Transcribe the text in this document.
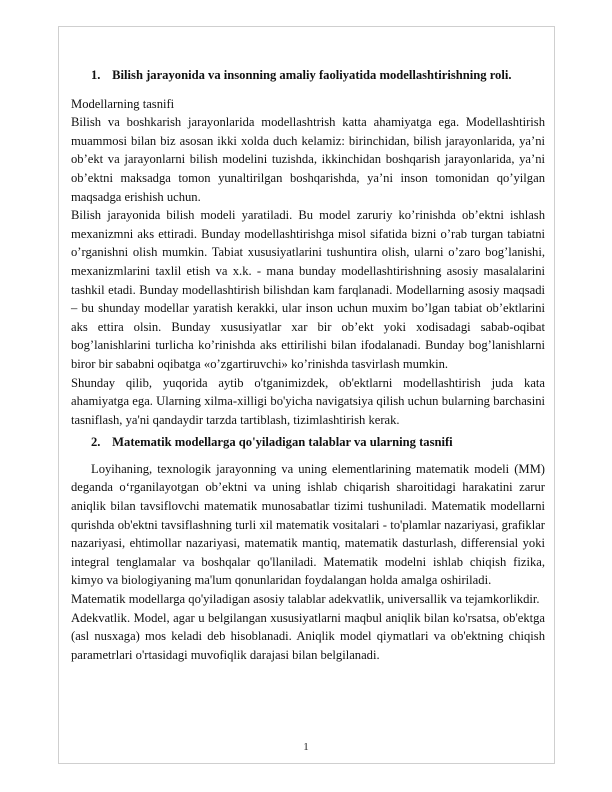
1. Bilish jarayonida va insonning amaliy faoliyatida modellashtirishning roli.

Modellarning tasnifi

Bilish va boshkarish jarayonlarida modellashtrish katta ahamiyatga ega. Modellashtirish muammosi bilan biz asosan ikki xolda duch kelamiz: birinchidan, bilish jarayonlarida, ya’ni ob’ekt va jarayonlarni bilish modelini tuzishda, ikkinchidan boshqarish jarayonlarida, ya’ni ob’ektni maksadga tomon yunaltirilgan boshqarishda, ya’ni inson tomonidan qo’yilgan maqsadga erishish uchun.

Bilish jarayonida bilish modeli yaratiladi. Bu model zaruriy ko’rinishda ob’ektni ishlash mexanizmni aks ettiradi. Bunday modellashtirishga misol sifatida bizni o’rab turgan tabiatni o’rganishni olish mumkin. Tabiat xususiyatlarini tushuntira olish, ularni o’zaro bog’lanishi, mexanizmlarini taxlil etish va x.k. - mana bunday modellashtirishning asosiy masalalarini tashkil etadi. Bunday modellashtirish bilishdan kam farqlanadi. Modellarning asosiy maqsadi – bu shunday modellar yaratish kerakki, ular inson uchun muxim bo’lgan tabiat ob’ektlarini aks ettira olsin. Bunday xususiyatlar xar bir ob’ekt yoki xodisadagi sabab-oqibat bog’lanishlarini turlicha ko’rinishda aks ettirilishi bilan ifodalanadi. Bunday bog’lanishlarni biror bir sababni oqibatga «o’zgartiruvchi» ko’rinishda tasvirlash mumkin.

Shunday qilib, yuqorida aytib o'tganimizdek, ob'ektlarni modellashtirish juda kata ahamiyatga ega. Ularning xilma-xilligi bo'yicha navigatsiya qilish uchun bularning barchasini tasniflash, ya'ni qandaydir tarzda tartiblash, tizimlashtirish kerak.

2. Matematik modellarga qo'yiladigan talablar va ularning tasnifi

Loyihaning, texnologik jarayonning va uning elementlarining matematik modeli (MM) deganda o‘rganilayotgan ob’ektni va uning ishlab chiqarish sharoitidagi harakatini zarur aniqlik bilan tavsiflovchi matematik munosabatlar tizimi tushuniladi. Matematik modellarni qurishda ob'ektni tavsiflashning turli xil matematik vositalari - to'plamlar nazariyasi, grafiklar nazariyasi, ehtimollar nazariyasi, matematik mantiq, matematik dasturlash, differensial yoki integral tenglamalar va boshqalar qo'llaniladi. Matematik modelni ishlab chiqish fizika, kimyo va biologiyaning ma'lum qonunlaridan foydalangan holda amalga oshiriladi.

Matematik modellarga qo'yiladigan asosiy talablar adekvatlik, universallik va tejamkorlikdir.

Adekvatlik. Model, agar u belgilangan xususiyatlarni maqbul aniqlik bilan ko'rsatsa, ob'ektga (asl nusxaga) mos keladi deb hisoblanadi. Aniqlik model qiymatlari va ob'ektning chiqish parametrlari o'rtasidagi muvofiqlik darajasi bilan belgilanadi.

1
